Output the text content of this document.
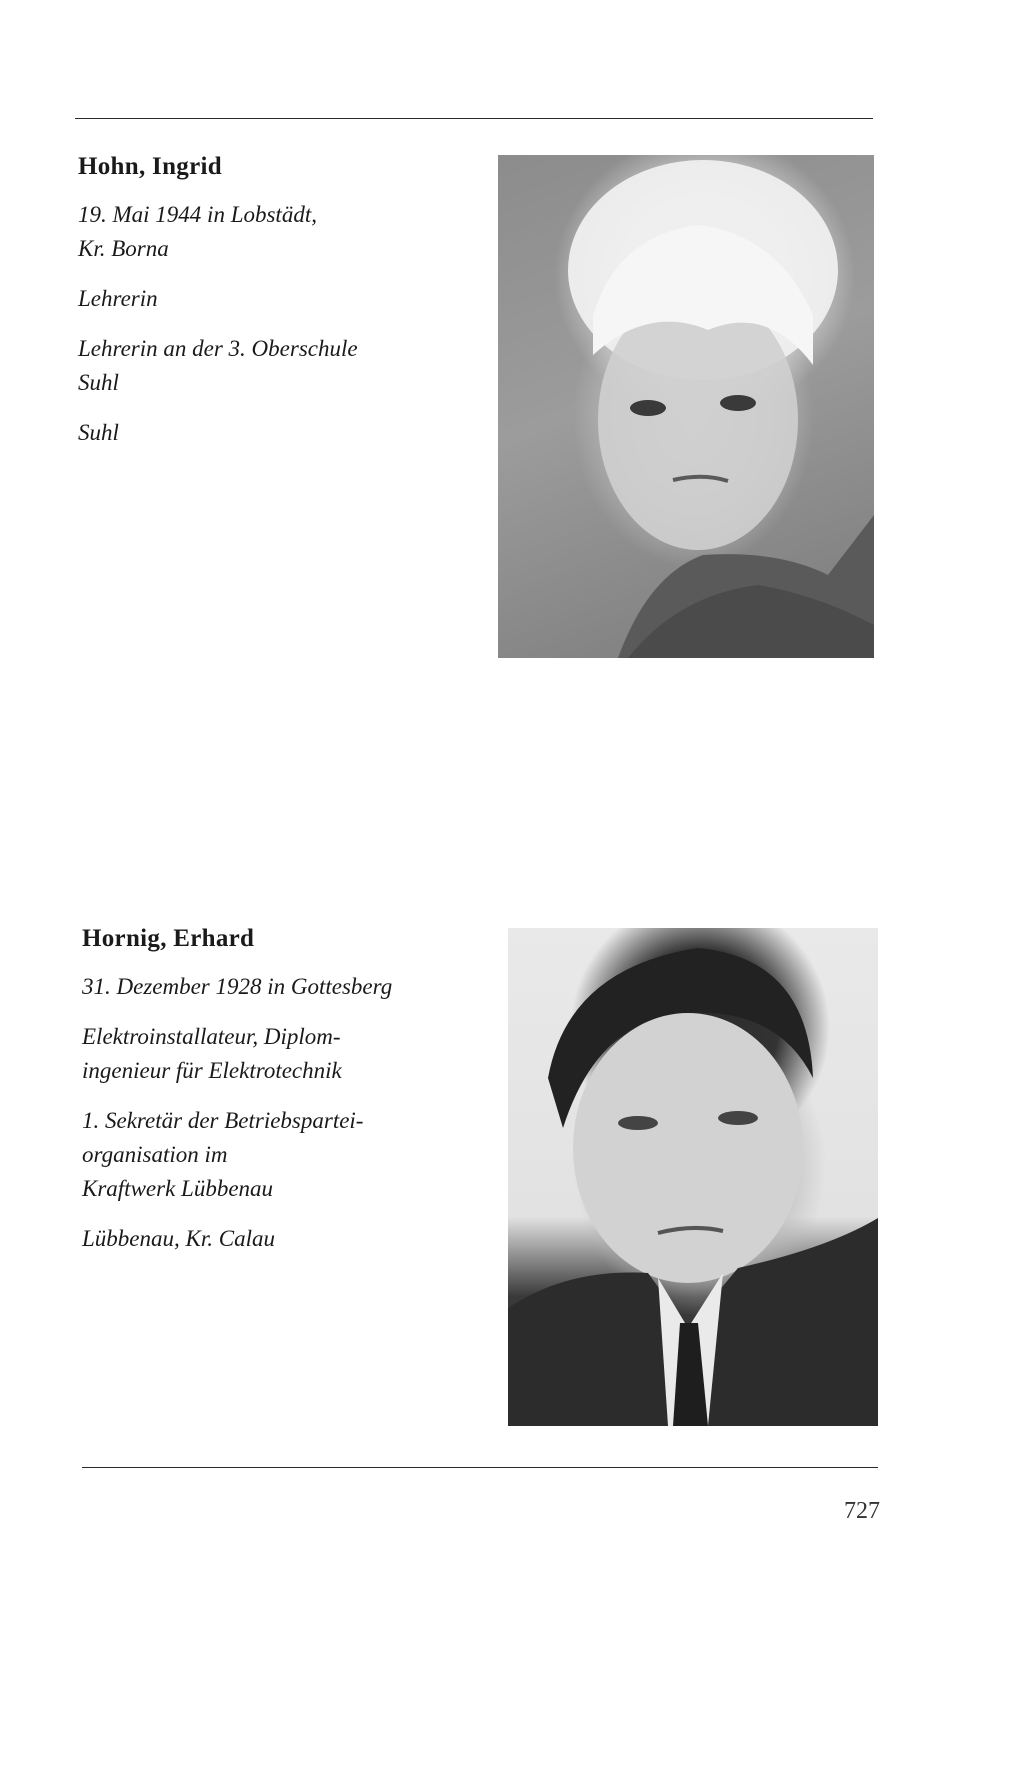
Hohn, Ingrid
19. Mai 1944 in Lobstädt,
Kr. Borna
Lehrerin
Lehrerin an der 3. Oberschule
Suhl
Suhl
Hornig, Erhard
31. Dezember 1928 in Gottesberg
Elektroinstallateur, Diplom-
ingenieur für Elektrotechnik
1. Sekretär der Betriebspartei-
organisation im
Kraftwerk Lübbenau
Lübbenau, Kr. Calau
727
